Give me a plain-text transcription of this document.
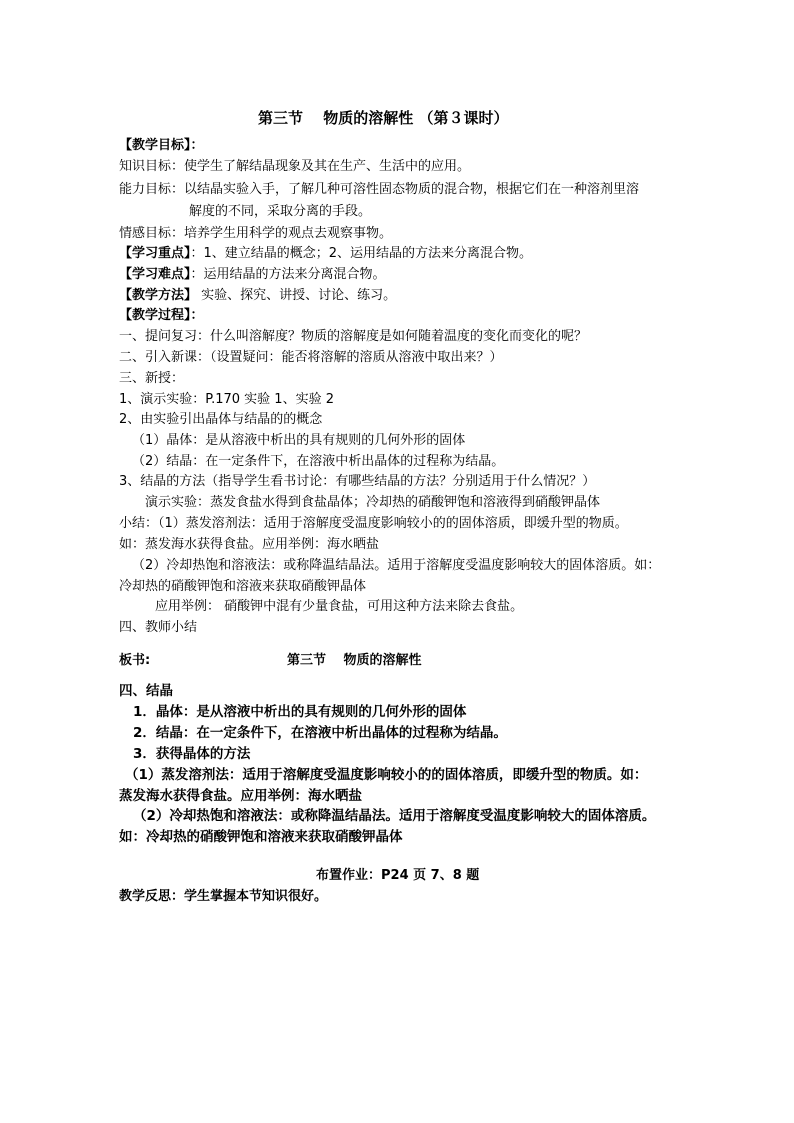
第三节　 物质的溶解性 （第３课时）
【教学目标】：
知识目标：使学生了解结晶现象及其在生产、生活中的应用。
能力目标：以结晶实验入手，了解几种可溶性固态物质的混合物，根据它们在一种溶剂里溶
解度的不同，采取分离的手段。
情感目标：培养学生用科学的观点去观察事物。
【学习重点】：1、建立结晶的概念；2、运用结晶的方法来分离混合物。
【学习难点】：运用结晶的方法来分离混合物。
【教学方法】 实验、探究、讲授、讨论、练习。
【教学过程】：
一、提问复习：什么叫溶解度？物质的溶解度是如何随着温度的变化而变化的呢？
二、引入新课：（设置疑问：能否将溶解的溶质从溶液中取出来？）
三、新授：
1、演示实验：P.170 实验 1、实验 2
2、由实验引出晶体与结晶的的概念
（1）晶体：是从溶液中析出的具有规则的几何外形的固体
（2）结晶：在一定条件下，在溶液中析出晶体的过程称为结晶。
3、结晶的方法（指导学生看书讨论：有哪些结晶的方法？分别适用于什么情况？）
演示实验：蒸发食盐水得到食盐晶体；冷却热的硝酸钾饱和溶液得到硝酸钾晶体
小结：（1）蒸发溶剂法：适用于溶解度受温度影响较小的的固体溶质，即缓升型的物质。
如：蒸发海水获得食盐。应用举例：海水晒盐
（2）冷却热饱和溶液法：或称降温结晶法。适用于溶解度受温度影响较大的固体溶质。如：
冷却热的硝酸钾饱和溶液来获取硝酸钾晶体
应用举例： 硝酸钾中混有少量食盐，可用这种方法来除去食盐。
四、教师小结
板书:	第三节　 物质的溶解性
四、结晶
1．晶体：是从溶液中析出的具有规则的几何外形的固体
2．结晶：在一定条件下，在溶液中析出晶体的过程称为结晶。
3．获得晶体的方法
（1）蒸发溶剂法：适用于溶解度受温度影响较小的的固体溶质，即缓升型的物质。如：
蒸发海水获得食盐。应用举例：海水晒盐
（2）冷却热饱和溶液法：或称降温结晶法。适用于溶解度受温度影响较大的固体溶质。
如：冷却热的硝酸钾饱和溶液来获取硝酸钾晶体
布置作业：P24 页 7、8 题
教学反思：学生掌握本节知识很好。
